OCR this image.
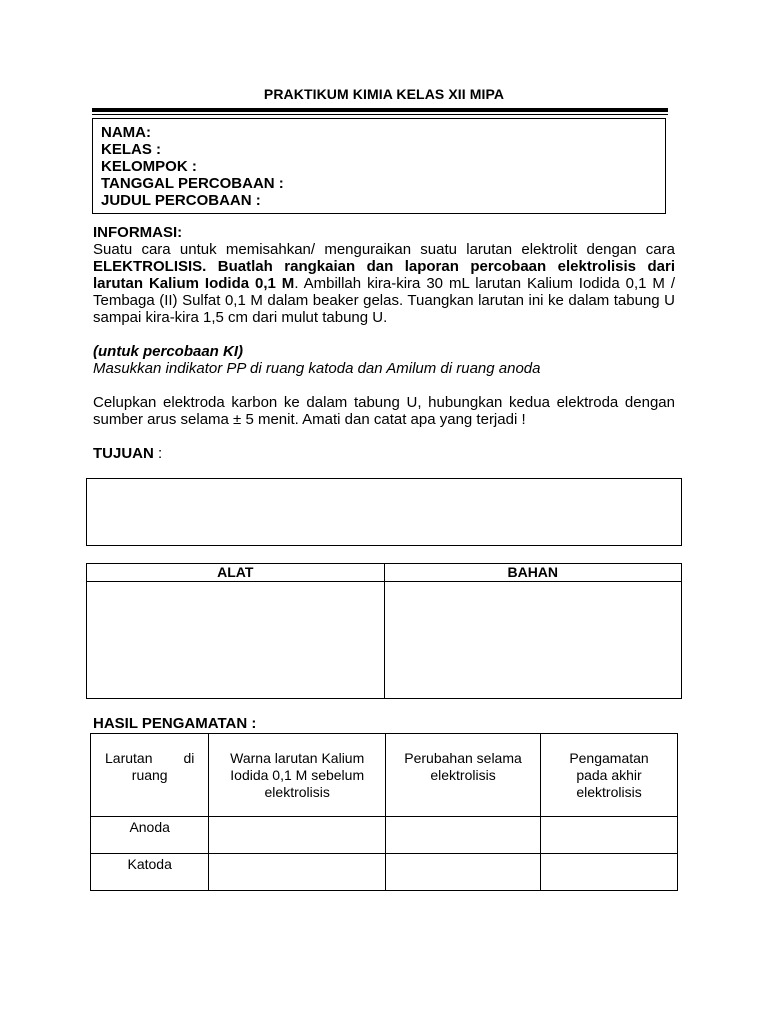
PRAKTIKUM KIMIA KELAS XII MIPA
NAMA:
KELAS :
KELOMPOK :
TANGGAL PERCOBAAN :
JUDUL PERCOBAAN :

INFORMASI:

Suatu cara untuk memisahkan/ menguraikan suatu larutan elektrolit dengan cara ELEKTROLISIS. Buatlah rangkaian dan laporan percobaan elektrolisis dari larutan Kalium Iodida 0,1 M. Ambillah kira-kira 30 mL larutan Kalium Iodida 0,1 M / Tembaga (II) Sulfat 0,1 M dalam beaker gelas. Tuangkan larutan ini ke dalam tabung U sampai kira-kira 1,5 cm dari mulut tabung U.

(untuk percobaan KI)

Masukkan indikator PP di ruang katoda dan Amilum di ruang anoda

Celupkan elektroda karbon ke dalam tabung U, hubungkan kedua elektroda dengan sumber arus selama ± 5 menit. Amati dan catat apa yang terjadi !

TUJUAN :

ALAT	BAHAN

HASIL PENGAMATAN :
Larutan di ruang	Warna larutan Kalium Iodida 0,1 M sebelum elektrolisis	Perubahan selama elektrolisis	Pengamatan pada akhir elektrolisis

Anoda			
Katoda			
